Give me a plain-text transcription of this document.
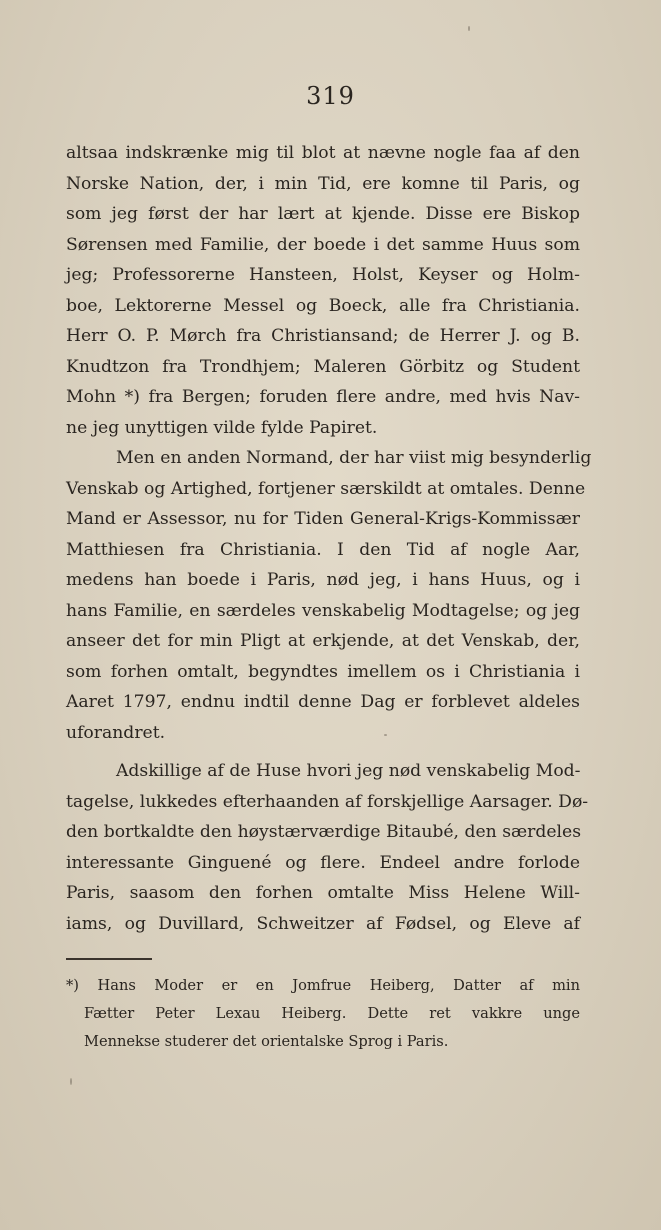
319
altsaa indskrænke mig til blot at nævne nogle faa af den
Norske Nation, der, i min Tid, ere komne til Paris, og
som jeg først der har lært at kjende. Disse ere Biskop
Sørensen med Familie, der boede i det samme Huus som
jeg; Professorerne Hansteen, Holst, Keyser og Holm-
boe, Lektorerne Messel og Boeck, alle fra Christiania.
Herr O. P. Mørch fra Christiansand; de Herrer J. og B.
Knudtzon fra Trondhjem; Maleren Görbitz og Student
Mohn *) fra Bergen; foruden flere andre, med hvis Nav-
ne jeg unyttigen vilde fylde Papiret.
Men en anden Normand, der har viist mig besynderlig
Venskab og Artighed, fortjener særskildt at omtales. Denne
Mand er Assessor, nu for Tiden General-Krigs-Kommissær
Matthiesen fra Christiania. I den Tid af nogle Aar,
medens han boede i Paris, nød jeg, i hans Huus, og i
hans Familie, en særdeles venskabelig Modtagelse; og jeg
anseer det for min Pligt at erkjende, at det Venskab, der,
som forhen omtalt, begyndtes imellem os i Christiania i
Aaret 1797, endnu indtil denne Dag er forblevet aldeles
uforandret.
Adskillige af de Huse hvori jeg nød venskabelig Mod-
tagelse, lukkedes efterhaanden af forskjellige Aarsager. Dø-
den bortkaldte den høystærværdige Bitaubé, den særdeles
interessante Ginguené og flere. Endeel andre forlode
Paris, saasom den forhen omtalte Miss Helene Will-
iams, og Duvillard, Schweitzer af Fødsel, og Eleve af
*) Hans Moder er en Jomfrue Heiberg, Datter af min
Fætter Peter Lexau Heiberg. Dette ret vakkre unge
Mennekse studerer det orientalske Sprog i Paris.
